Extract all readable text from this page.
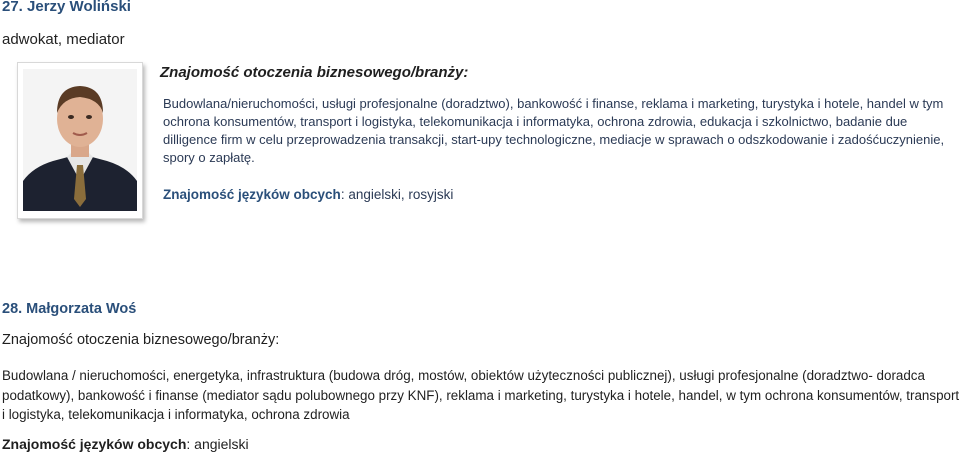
27. Jerzy Woliński
adwokat, mediator
Znajomość otoczenia biznesowego/branży:
Budowlana/nieruchomości, usługi profesjonalne (doradztwo), bankowość i finanse, reklama i marketing, turystyka i hotele, handel w tym ochrona konsumentów, transport i logistyka, telekomunikacja i informatyka, ochrona zdrowia, edukacja i szkolnictwo, badanie due dilligence firm w celu przeprowadzenia transakcji, start-upy technologiczne, mediacje w sprawach o odszkodowanie i zadośćuczynienie, spory o zapłatę.
Znajomość języków obcych: angielski, rosyjski
28. Małgorzata Woś
Znajomość otoczenia biznesowego/branży:
Budowlana / nieruchomości, energetyka, infrastruktura (budowa dróg, mostów, obiektów użyteczności publicznej), usługi profesjonalne (doradztwo- doradca podatkowy), bankowość i finanse (mediator sądu polubownego przy KNF), reklama i marketing, turystyka i hotele, handel, w tym ochrona konsumentów, transport i logistyka, telekomunikacja i informatyka, ochrona zdrowia
Znajomość języków obcych: angielski
